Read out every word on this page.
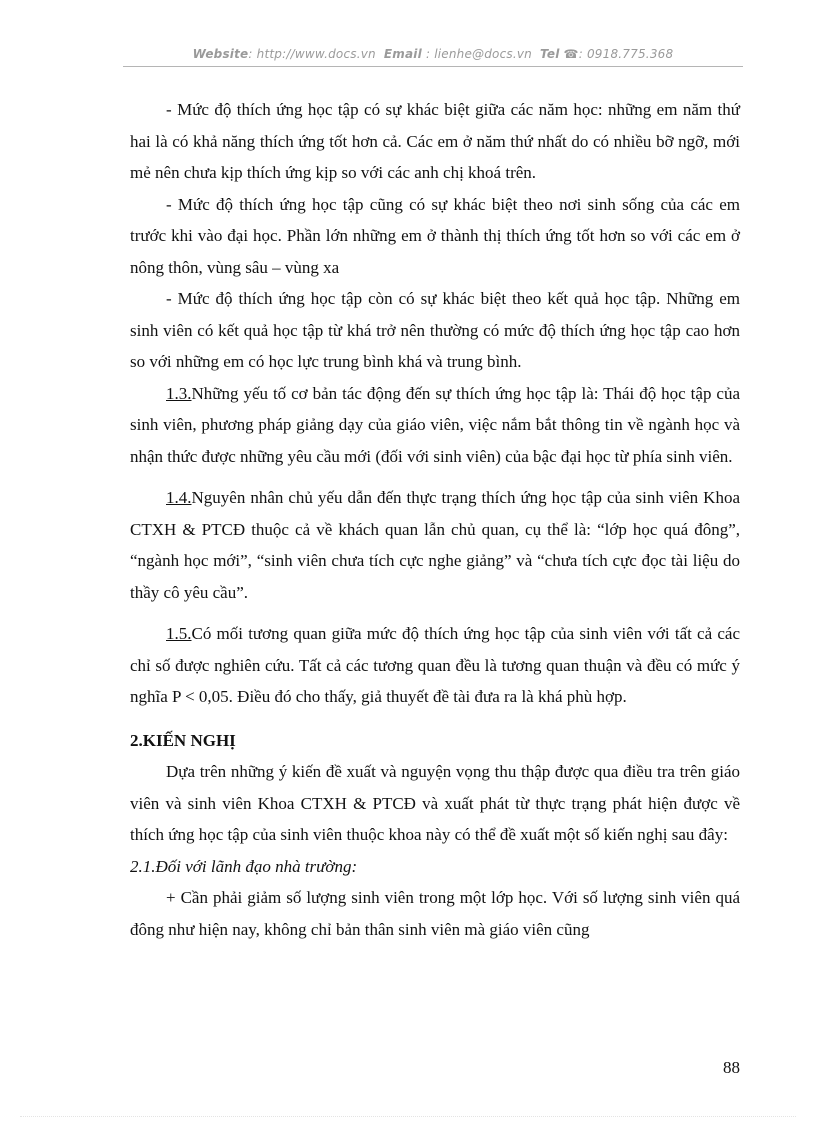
Website: http://www.docs.vn Email : lienhe@docs.vn Tel ☎: 0918.775.368

- Mức độ thích ứng học tập có sự khác biệt giữa các năm học: những em năm thứ hai là có khả năng thích ứng tốt hơn cả. Các em ở năm thứ nhất do có nhiều bỡ ngỡ, mới mẻ nên chưa kịp thích ứng kịp so với các anh chị khoá trên.

- Mức độ thích ứng học tập cũng có sự khác biệt theo nơi sinh sống của các em trước khi vào đại học. Phần lớn những em ở thành thị thích ứng tốt hơn so với các em ở nông thôn, vùng sâu – vùng xa

- Mức độ thích ứng học tập còn có sự khác biệt theo kết quả học tập. Những em sinh viên có kết quả học tập từ khá trở nên thường có mức độ thích ứng học tập cao hơn so với những em có học lực trung bình khá và trung bình.

1.3.Những yếu tố cơ bản tác động đến sự thích ứng học tập là: Thái độ học tập của sinh viên, phương pháp giảng dạy của giáo viên, việc nắm bắt thông tin về ngành học và nhận thức được những yêu cầu mới (đối với sinh viên) của bậc đại học từ phía sinh viên.

1.4.Nguyên nhân chủ yếu dẫn đến thực trạng thích ứng học tập của sinh viên Khoa CTXH & PTCĐ thuộc cả về khách quan lẫn chủ quan, cụ thể là: “lớp học quá đông”, “ngành học mới”, “sinh viên chưa tích cực nghe giảng” và “chưa tích cực đọc tài liệu do thầy cô yêu cầu”.

1.5.Có mối tương quan giữa mức độ thích ứng học tập của sinh viên với tất cả các chỉ số được nghiên cứu. Tất cả các tương quan đều là tương quan thuận và đều có mức ý nghĩa P < 0,05. Điều đó cho thấy, giả thuyết đề tài đưa ra là khá phù hợp.

2.KIẾN NGHỊ

Dựa trên những ý kiến đề xuất và nguyện vọng thu thập được qua điều tra trên giáo viên và sinh viên Khoa CTXH & PTCĐ và xuất phát từ thực trạng phát hiện được về thích ứng học tập của sinh viên thuộc khoa này có thể đề xuất một số kiến nghị sau đây:

2.1.Đối với lãnh đạo nhà trường:

+ Cần phải giảm số lượng sinh viên trong một lớp học. Với số lượng sinh viên quá đông như hiện nay, không chỉ bản thân sinh viên mà giáo viên cũng

88
